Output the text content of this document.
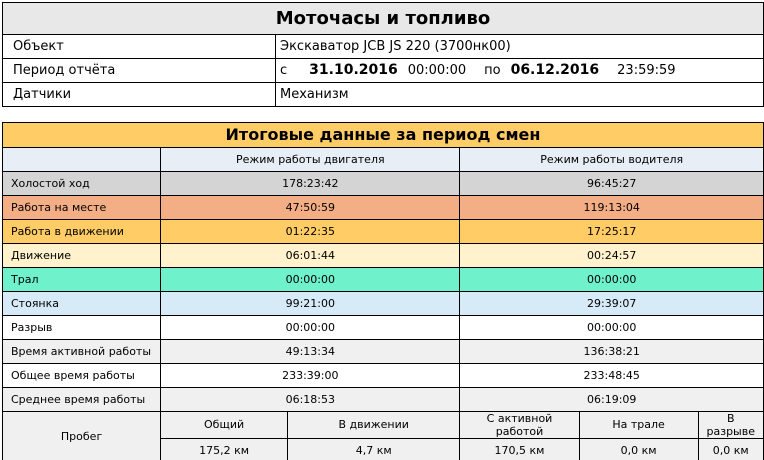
Моточасы и топливо
Объект	Экскаватор JCB JS 220 (3700нк00)
Период отчёта	с 31.10.2016 00:00:00 по 06.12.2016 23:59:59
Датчики	Механизм
Итоговые данные за период смен					
	Режим работы двигателя		Режим работы водителя		
Холостой ход	178:23:42		96:45:27		
Работа на месте	47:50:59		119:13:04		
Работа в движении	01:22:35		17:25:17		
Движение	06:01:44		00:24:57		
Трал	00:00:00		00:00:00		
Стоянка	99:21:00		29:39:07		
Разрыв	00:00:00		00:00:00		
Время активной работы	49:13:34		136:38:21		
Общее время работы	233:39:00		233:48:45		
Среднее время работы	06:18:53		06:19:09		
Пробег	Общий	В движении	С активной работой	На трале	В разрыве
	175,2 км	4,7 км	170,5 км	0,0 км	0,0 км
